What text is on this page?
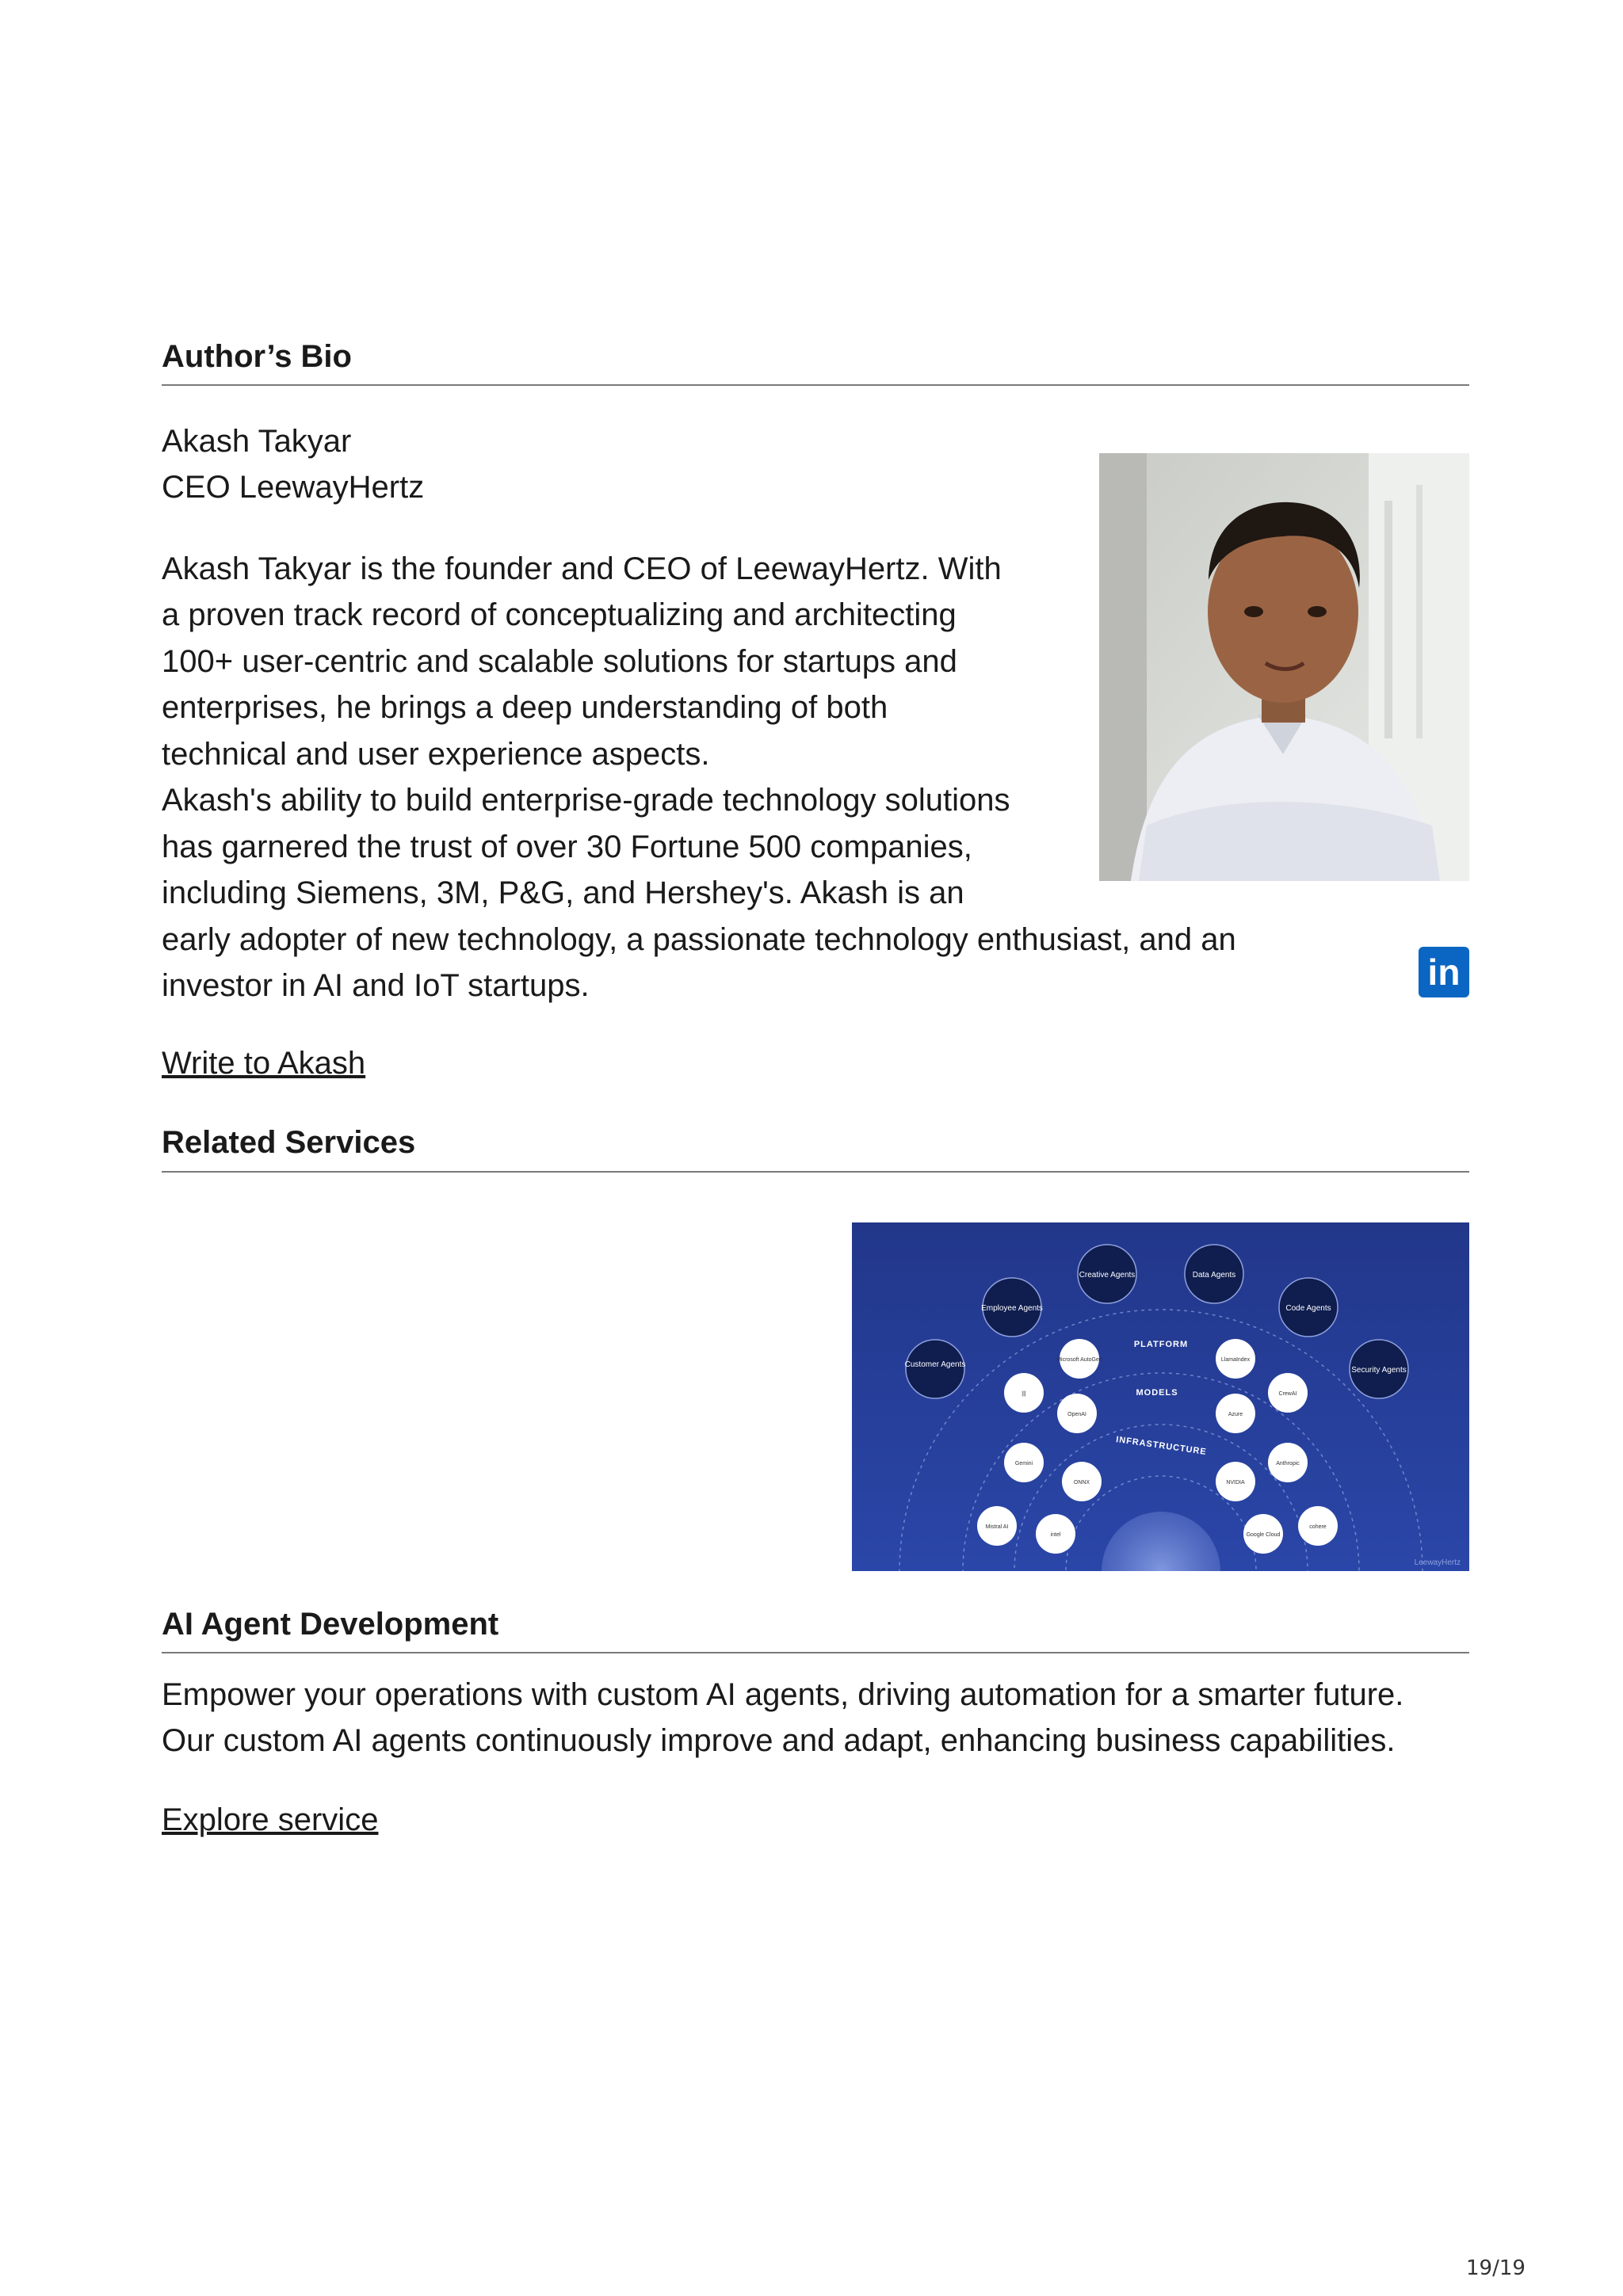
Author’s Bio
Akash Takyar
CEO LeewayHertz
Akash Takyar is the founder and CEO of LeewayHertz. With
a proven track record of conceptualizing and architecting
100+ user-centric and scalable solutions for startups and
enterprises, he brings a deep understanding of both
technical and user experience aspects.
Akash's ability to build enterprise-grade technology solutions
has garnered the trust of over 30 Fortune 500 companies,
including Siemens, 3M, P&G, and Hershey's. Akash is an
early adopter of new technology, a passionate technology enthusiast, and an
investor in AI and IoT startups.	in
Write to Akash
Related Services
Customer Agents
Employee Agents
Creative Agents	Data Agents
Code Agents
Security Agents
PLATFORM
MODELS
INFRASTRUCTURE
Microsoft AutoGen	LlamaIndex
|||
OpenAI	Azure
CrewAI
Gemini
ONNX	NVIDIA
Anthropic
Mistral AI
intel	Google Cloud
cohere
LeewayHertz
AI Agent Development
Empower your operations with custom AI agents, driving automation for a smarter future.
Our custom AI agents continuously improve and adapt, enhancing business capabilities.
Explore service
19/19
